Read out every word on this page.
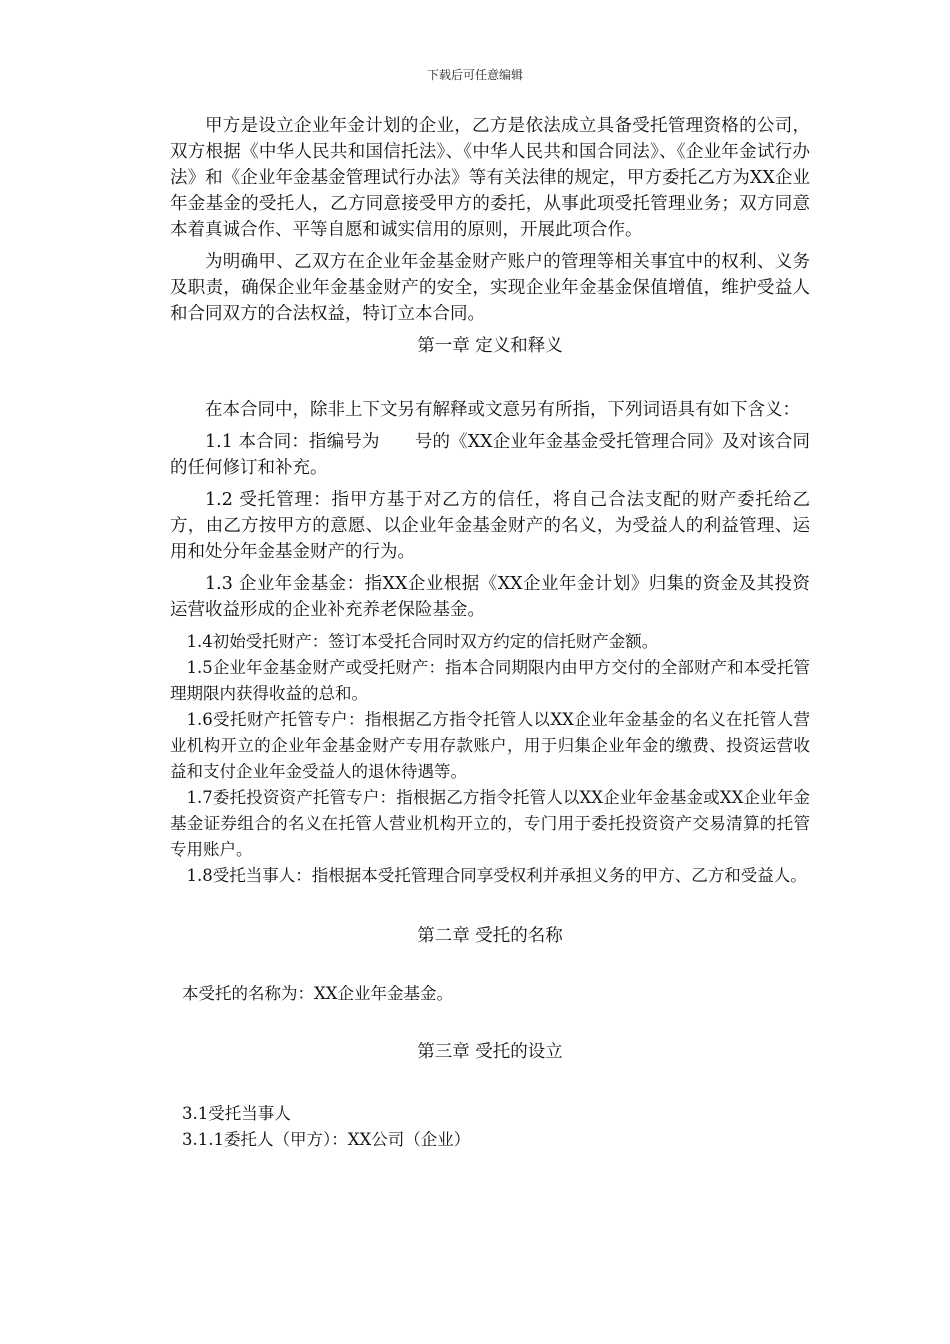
下载后可任意编辑

甲方是设立企业年金计划的企业，乙方是依法成立具备受托管理资格的公司，双方根据《中华人民共和国信托法》、《中华人民共和国合同法》、《企业年金试行办法》和《企业年金基金管理试行办法》等有关法律的规定，甲方委托乙方为XX企业年金基金的受托人，乙方同意接受甲方的委托，从事此项受托管理业务；双方同意本着真诚合作、平等自愿和诚实信用的原则，开展此项合作。

为明确甲、乙双方在企业年金基金财产账户的管理等相关事宜中的权利、义务及职责，确保企业年金基金财产的安全，实现企业年金基金保值增值，维护受益人和合同双方的合法权益，特订立本合同。

第一章 定义和释义

在本合同中，除非上下文另有解释或文意另有所指，下列词语具有如下含义：

1.1 本合同：指编号为　　号的《XX企业年金基金受托管理合同》及对该合同的任何修订和补充。

1.2 受托管理：指甲方基于对乙方的信任，将自己合法支配的财产委托给乙方，由乙方按甲方的意愿、以企业年金基金财产的名义，为受益人的利益管理、运用和处分年金基金财产的行为。

1.3 企业年金基金：指XX企业根据《XX企业年金计划》归集的资金及其投资运营收益形成的企业补充养老保险基金。

1.4初始受托财产：签订本受托合同时双方约定的信托财产金额。

1.5企业年金基金财产或受托财产：指本合同期限内由甲方交付的全部财产和本受托管理期限内获得收益的总和。

1.6受托财产托管专户：指根据乙方指令托管人以XX企业年金基金的名义在托管人营业机构开立的企业年金基金财产专用存款账户，用于归集企业年金的缴费、投资运营收益和支付企业年金受益人的退休待遇等。

1.7委托投资资产托管专户：指根据乙方指令托管人以XX企业年金基金或XX企业年金基金证券组合的名义在托管人营业机构开立的，专门用于委托投资资产交易清算的托管专用账户。

1.8受托当事人：指根据本受托管理合同享受权利并承担义务的甲方、乙方和受益人。

第二章 受托的名称

本受托的名称为：XX企业年金基金。

第三章 受托的设立

3.1受托当事人

3.1.1委托人（甲方）：XX公司（企业）
